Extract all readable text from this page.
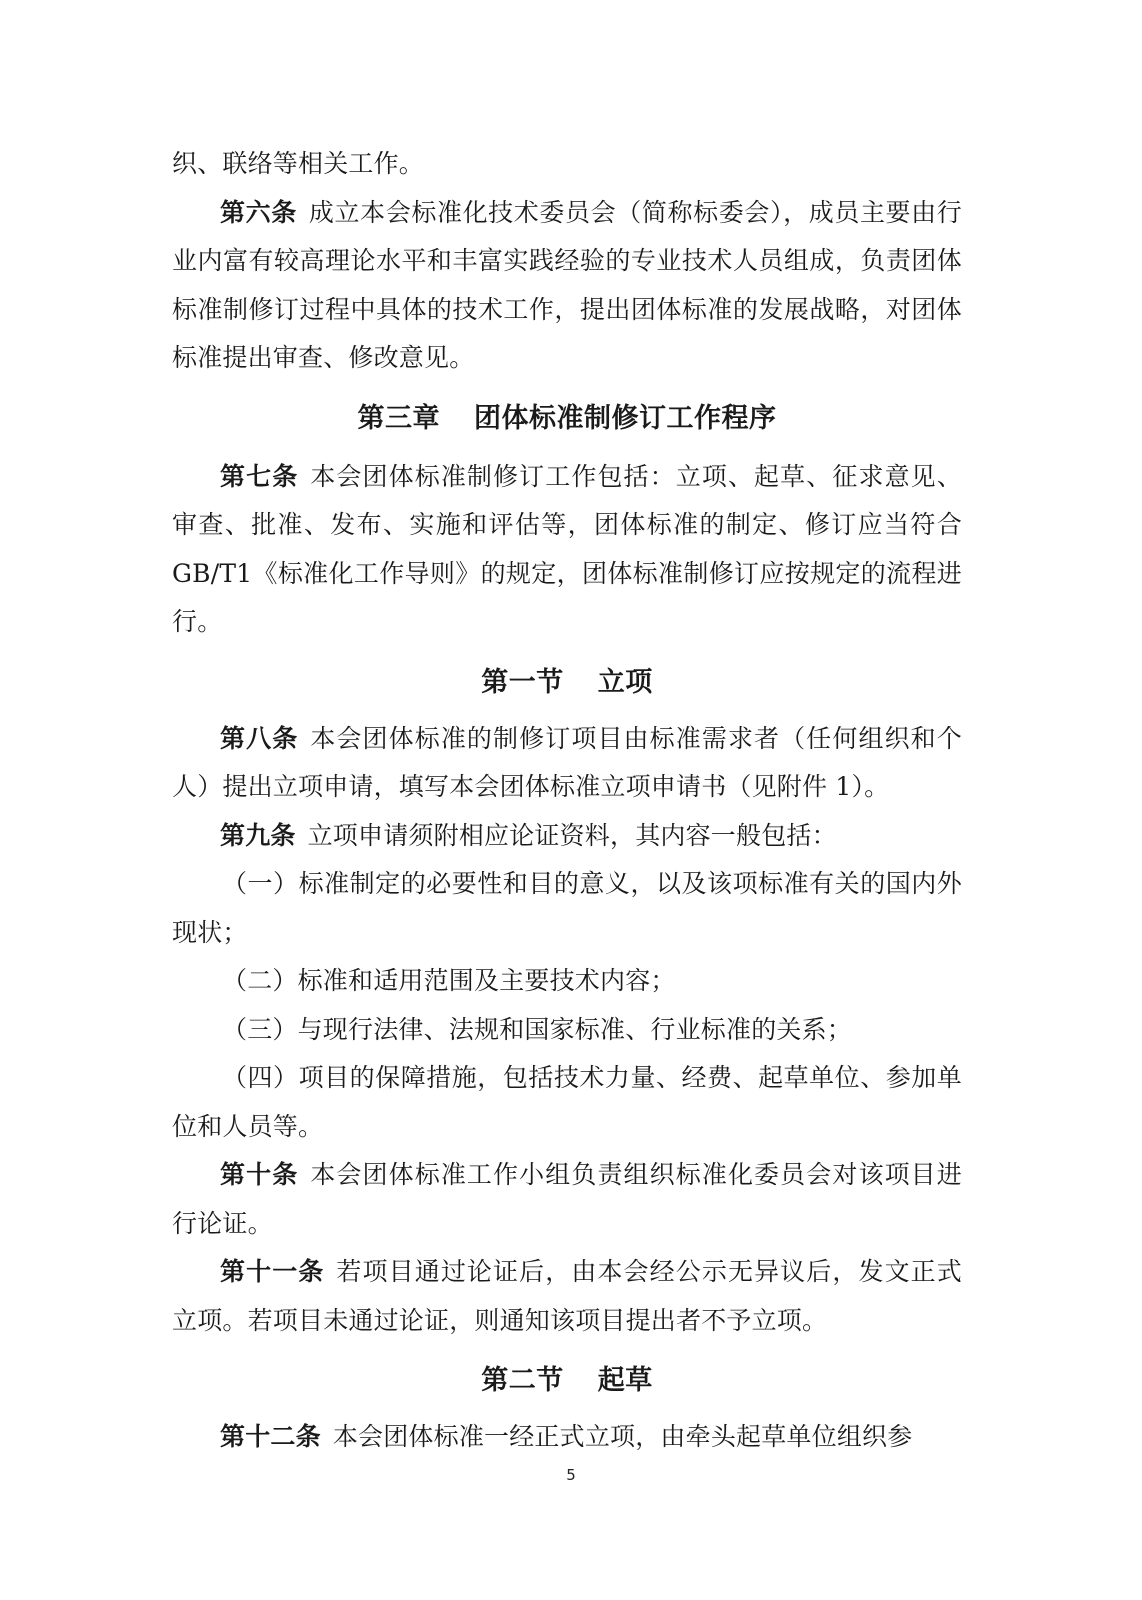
织、联络等相关工作。

第六条 成立本会标准化技术委员会（简称标委会），成员主要由行业内富有较高理论水平和丰富实践经验的专业技术人员组成，负责团体标准制修订过程中具体的技术工作，提出团体标准的发展战略，对团体标准提出审查、修改意见。

第三章 团体标准制修订工作程序

第七条 本会团体标准制修订工作包括：立项、起草、征求意见、审查、批准、发布、实施和评估等，团体标准的制定、修订应当符合 GB/T1《标准化工作导则》的规定，团体标准制修订应按规定的流程进行。

第一节 立项

第八条 本会团体标准的制修订项目由标准需求者（任何组织和个人）提出立项申请，填写本会团体标准立项申请书（见附件 1）。

第九条 立项申请须附相应论证资料，其内容一般包括：

（一）标准制定的必要性和目的意义，以及该项标准有关的国内外现状；

（二）标准和适用范围及主要技术内容；

（三）与现行法律、法规和国家标准、行业标准的关系；

（四）项目的保障措施，包括技术力量、经费、起草单位、参加单位和人员等。

第十条 本会团体标准工作小组负责组织标准化委员会对该项目进行论证。

第十一条 若项目通过论证后，由本会经公示无异议后，发文正式立项。若项目未通过论证，则通知该项目提出者不予立项。

第二节 起草

第十二条 本会团体标准一经正式立项，由牵头起草单位组织参

5
